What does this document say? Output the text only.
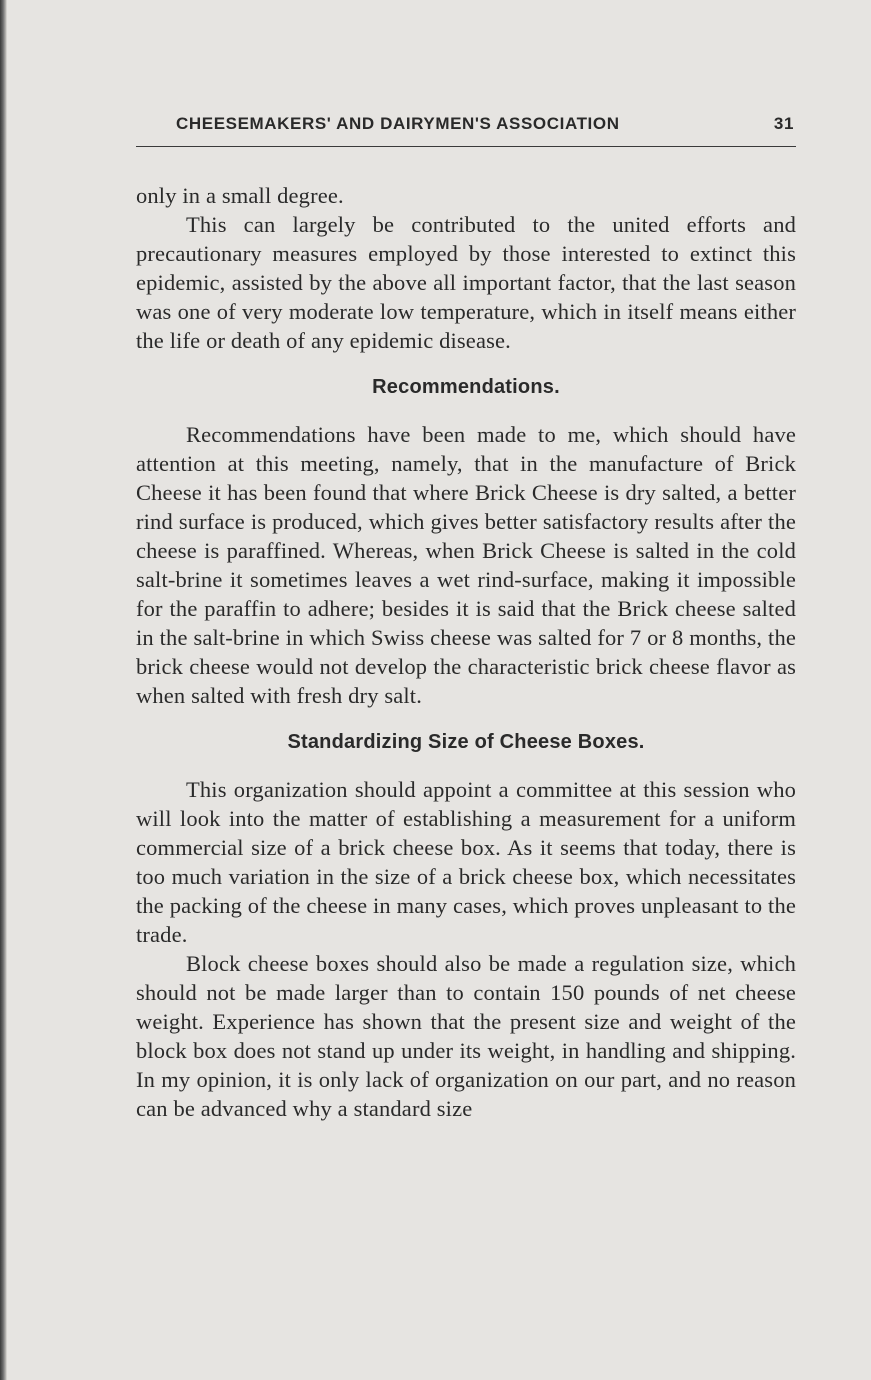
CHEESEMAKERS' AND DAIRYMEN'S ASSOCIATION	31

only in a small degree.

This can largely be contributed to the united efforts and precautionary measures employed by those interested to extinct this epidemic, assisted by the above all important factor, that the last season was one of very moderate low temperature, which in itself means either the life or death of any epidemic disease.

Recommendations.

Recommendations have been made to me, which should have attention at this meeting, namely, that in the manufacture of Brick Cheese it has been found that where Brick Cheese is dry salted, a better rind surface is produced, which gives better satisfactory results after the cheese is paraffined. Whereas, when Brick Cheese is salted in the cold salt-brine it sometimes leaves a wet rind-surface, making it impossible for the paraffin to adhere; besides it is said that the Brick cheese salted in the salt-brine in which Swiss cheese was salted for 7 or 8 months, the brick cheese would not develop the characteristic brick cheese flavor as when salted with fresh dry salt.

Standardizing Size of Cheese Boxes.

This organization should appoint a committee at this session who will look into the matter of establishing a measurement for a uniform commercial size of a brick cheese box. As it seems that today, there is too much variation in the size of a brick cheese box, which necessitates the packing of the cheese in many cases, which proves unpleasant to the trade.

Block cheese boxes should also be made a regulation size, which should not be made larger than to contain 150 pounds of net cheese weight. Experience has shown that the present size and weight of the block box does not stand up under its weight, in handling and shipping. In my opinion, it is only lack of organization on our part, and no reason can be advanced why a standard size
